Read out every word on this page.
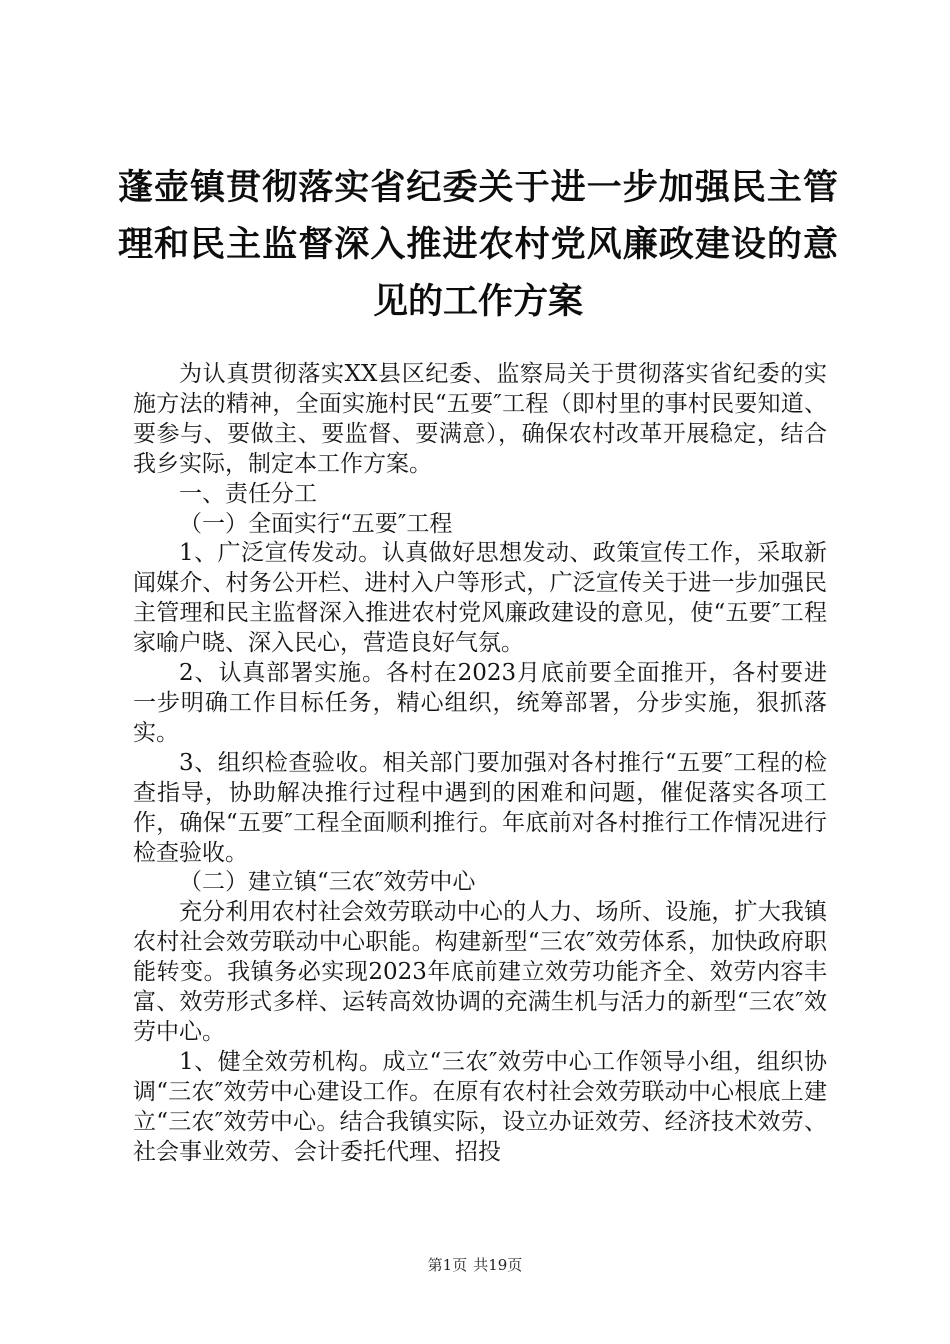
蓬壶镇贯彻落实省纪委关于进一步加强民主管
理和民主监督深入推进农村党风廉政建设的意
见的工作方案

为认真贯彻落实XX县区纪委、监察局关于贯彻落实省纪委的实施方法的精神，全面实施村民“五要″工程（即村里的事村民要知道、要参与、要做主、要监督、要满意），确保农村改革开展稳定，结合我乡实际，制定本工作方案。

一、责任分工

（一）全面实行“五要″工程

1、广泛宣传发动。认真做好思想发动、政策宣传工作，采取新闻媒介、村务公开栏、进村入户等形式，广泛宣传关于进一步加强民主管理和民主监督深入推进农村党风廉政建设的意见，使“五要″工程家喻户晓、深入民心，营造良好气氛。

2、认真部署实施。各村在2023月底前要全面推开，各村要进一步明确工作目标任务，精心组织，统筹部署，分步实施，狠抓落实。

3、组织检查验收。相关部门要加强对各村推行“五要″工程的检查指导，协助解决推行过程中遇到的困难和问题，催促落实各项工作，确保“五要″工程全面顺利推行。年底前对各村推行工作情况进行检查验收。

（二）建立镇“三农″效劳中心

充分利用农村社会效劳联动中心的人力、场所、设施，扩大我镇农村社会效劳联动中心职能。构建新型“三农″效劳体系，加快政府职能转变。我镇务必实现2023年底前建立效劳功能齐全、效劳内容丰富、效劳形式多样、运转高效协调的充满生机与活力的新型“三农″效劳中心。

1、健全效劳机构。成立“三农″效劳中心工作领导小组，组织协调“三农″效劳中心建设工作。在原有农村社会效劳联动中心根底上建立“三农″效劳中心。结合我镇实际，设立办证效劳、经济技术效劳、社会事业效劳、会计委托代理、招投

第1页 共19页
